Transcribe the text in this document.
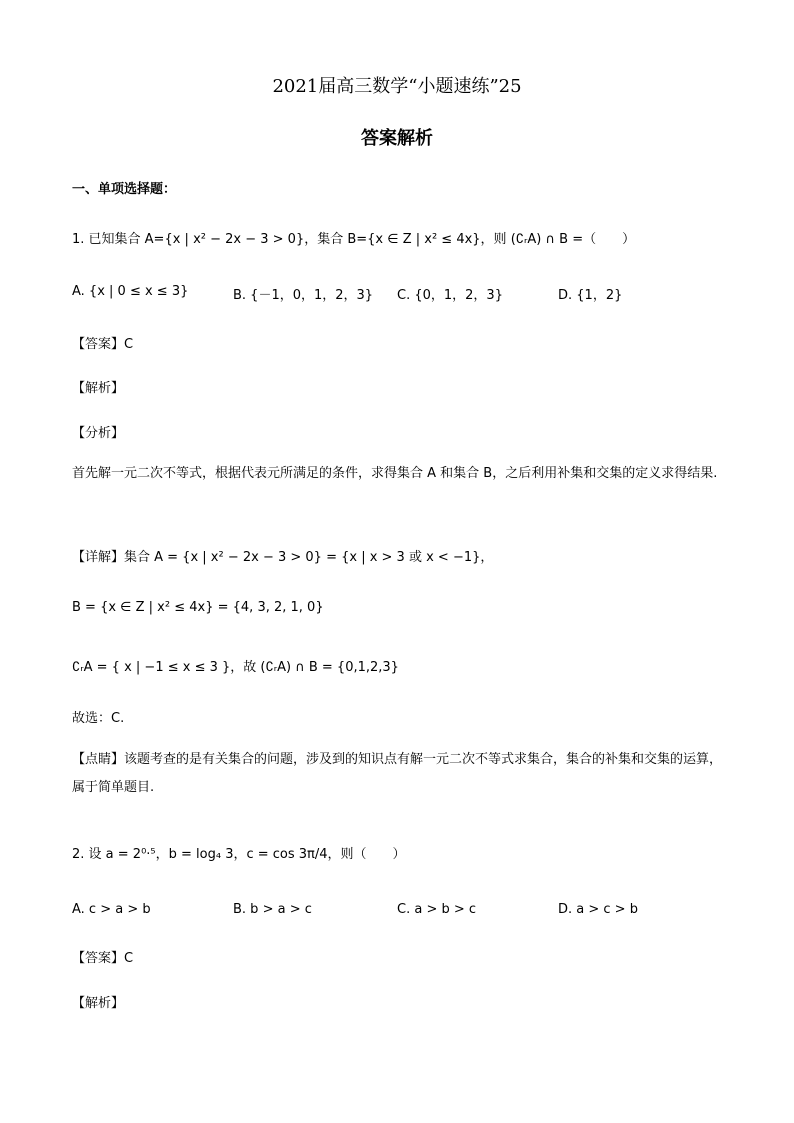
2021届高三数学“小题速练”25
答案解析
一、单项选择题：
1. 已知集合 A={x | x² − 2x − 3 > 0}，集合 B={x ∈ Z | x² ≤ 4x}，则 (∁ᵣA) ∩ B =（　　）
A. {x | 0 ≤ x ≤ 3}	B. {－1，0，1，2，3} C. {0，1，2，3}	D. {1，2}
【答案】C
【解析】
【分析】
首先解一元二次不等式，根据代表元所满足的条件，求得集合 A 和集合 B，之后利用补集和交集的定义求得结果.
【详解】集合 A = {x | x² − 2x − 3 > 0} = {x | x > 3 或 x < −1}，
B = {x ∈ Z | x² ≤ 4x} = {4, 3, 2, 1, 0}
∁ᵣA = { x | −1 ≤ x ≤ 3 }，故 (∁ᵣA) ∩ B = {0,1,2,3}
故选：C.
【点睛】该题考查的是有关集合的问题，涉及到的知识点有解一元二次不等式求集合，集合的补集和交集的运算，属于简单题目.
2. 设 a = 2⁰·⁵，b = log₄ 3，c = cos 3π/4，则（　　）
A. c > a > b	B. b > a > c	C. a > b > c	D. a > c > b
【答案】C
【解析】
